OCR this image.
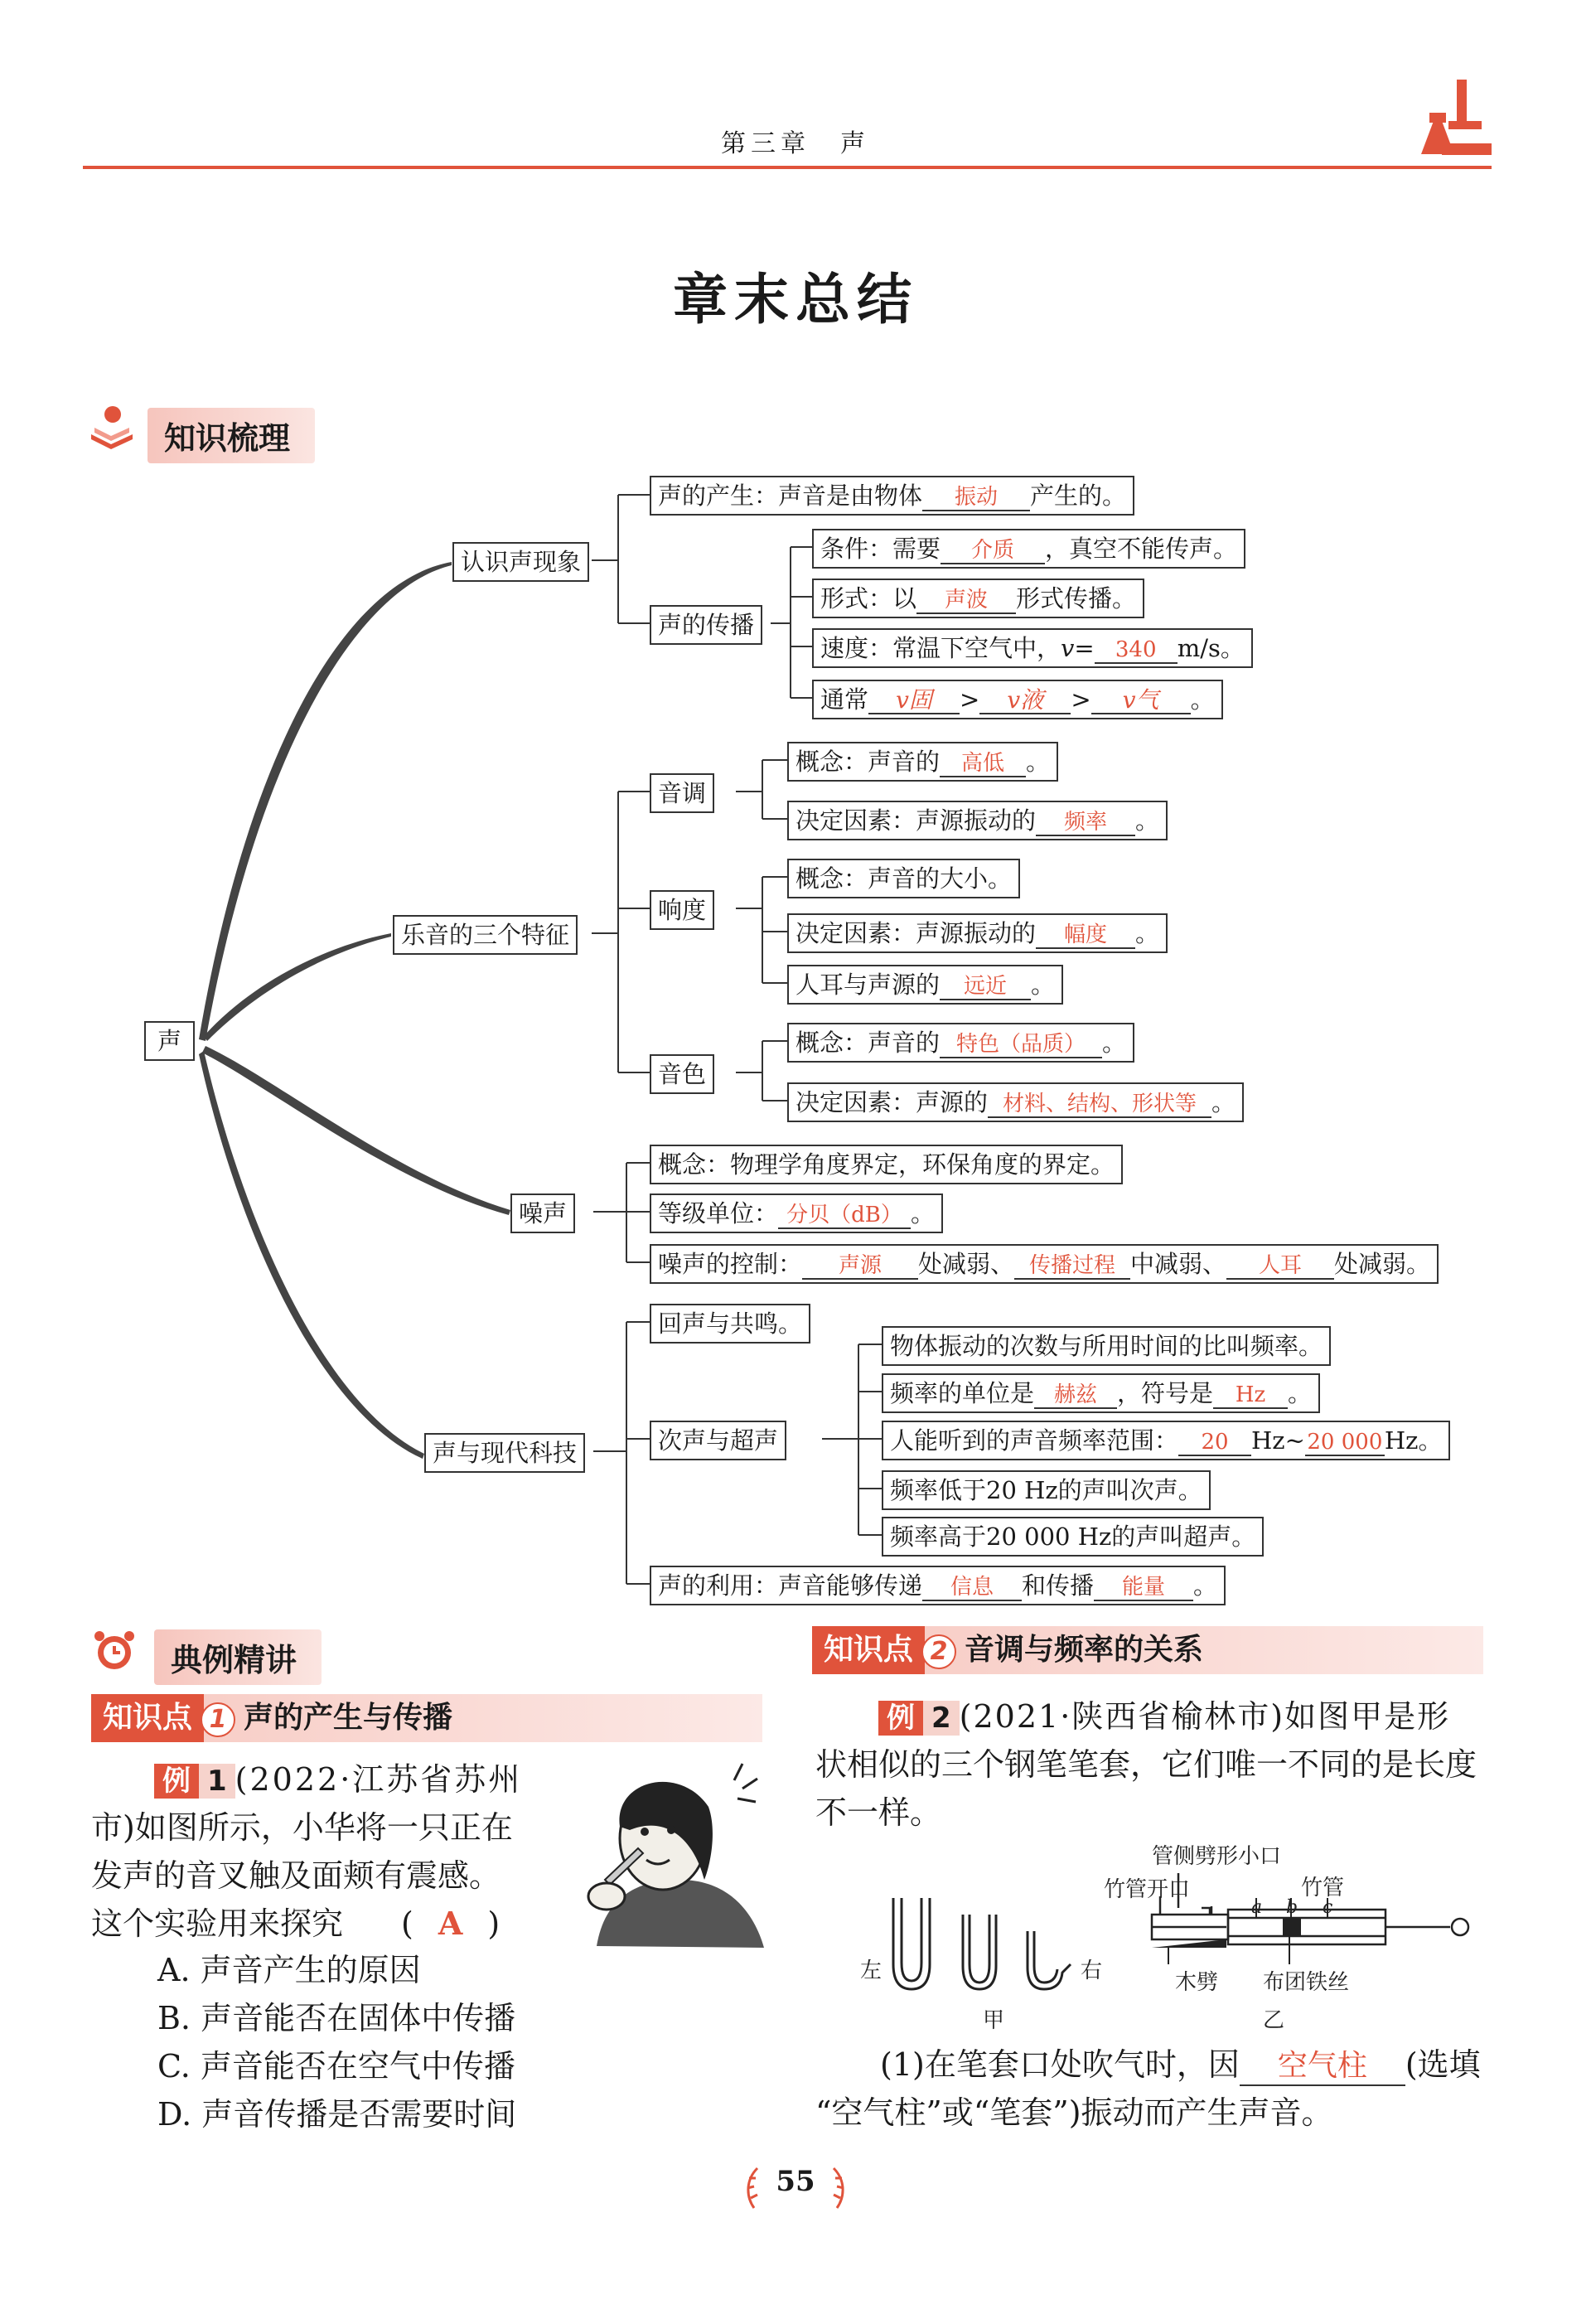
第三章　声
章末总结
知识梳理
声
认识声现象
声的产生：声音是由物体 振动 产生的。
声的传播
条件：需要 介质 ，真空不能传声。
形式：以 声波 形式传播。
速度：常温下空气中，v= 340 m/s。
通常 v固 > v液 > v气 。
乐音的三个特征
音调
概念：声音的 高低 。
决定因素：声源振动的 频率 。
响度
概念：声音的大小。
决定因素：声源振动的 幅度 。
人耳与声源的 远近 。
音色
概念：声音的 特色（品质） 。
决定因素：声源的 材料、结构、形状等 。
噪声
概念：物理学角度界定，环保角度的界定。
等级单位： 分贝（dB） 。
噪声的控制： 声源 处减弱、 传播过程 中减弱、 人耳 处减弱。
声与现代科技
回声与共鸣。
次声与超声
物体振动的次数与所用时间的比叫频率。
频率的单位是 赫兹 ，符号是 Hz 。
人能听到的声音频率范围： 20 Hz~20 000Hz。
频率低于20 Hz的声叫次声。
频率高于20 000 Hz的声叫超声。
声的利用：声音能够传递 信息 和传播 能量 。
典例精讲
知识点 1 声的产生与传播
例 1 (2022·江苏省苏州
市)如图所示，小华将一只正在
发声的音叉触及面颊有震感。
这个实验用来探究 ( A )
A. 声音产生的原因
B. 声音能否在固体中传播
C. 声音能否在空气中传播
D. 声音传播是否需要时间
知识点 2 音调与频率的关系
例 2 (2021·陕西省榆林市)如图甲是形
状相似的三个钢笔笔套，它们唯一不同的是长度
不一样。
左	右
甲
管侧劈形小口
竹管开口	竹管
a b c
木劈 布团铁丝
乙
(1)在笔套口处吹气时，因 空气柱 (选填
“空气柱”或“笔套”)振动而产生声音。
55
